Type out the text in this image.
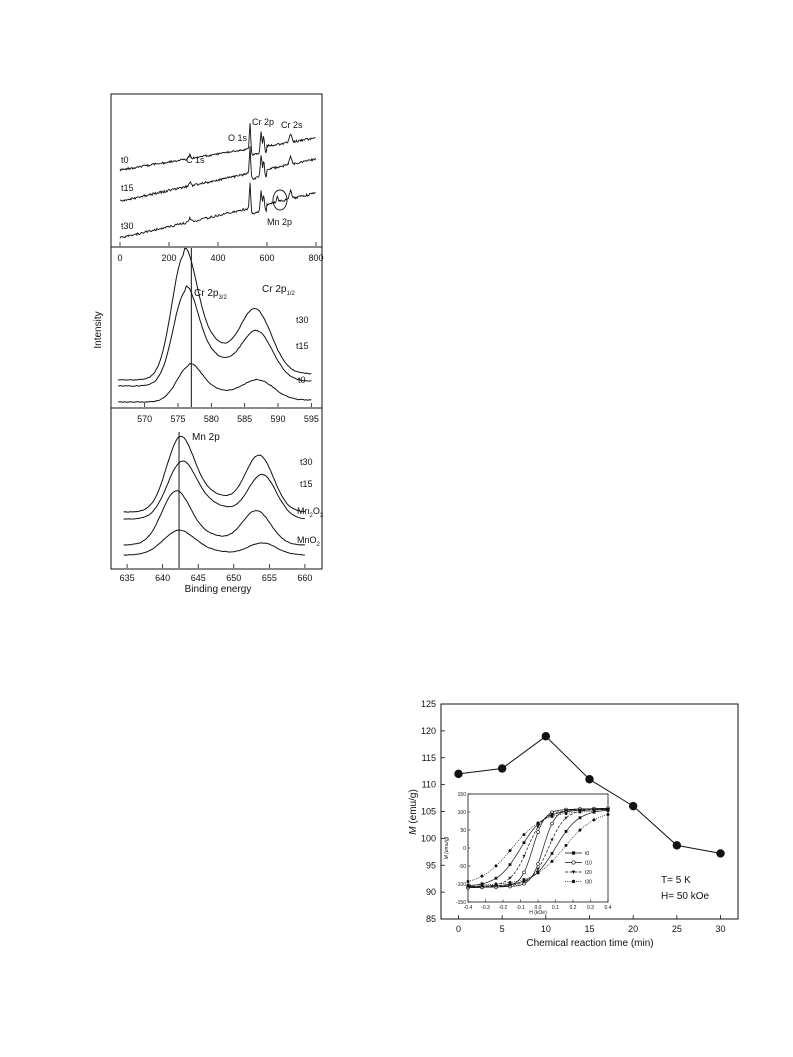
Intensity
Binding energy
0	200	400	600	800
t0
t15
t30
C 1s
O 1s
Cr 2p Cr 2s
Mn 2p
570 575 580 585 590 595
Cr $2p_{3/2}$
Cr $2p_{1/2}$
t30
t15
t0
635 640 645 650 655 660
Mn 2p
t30
t15
$Mn_2O_3$
MnO$_2$
0	5	10	15	20	25	30
85
90
95
100
105
110
115
120
125
Chemical reaction time (min)
M (emu/g)
T= 5 K
H= 50 kOe
-0.4 -0.3 -0.2 -0.1 0.0 0.1 0.2 0.3 0.4
-150
-100
-50
0
50
100
150
t0
t10
t20
t30
H (kOe)
M (emu/g)
